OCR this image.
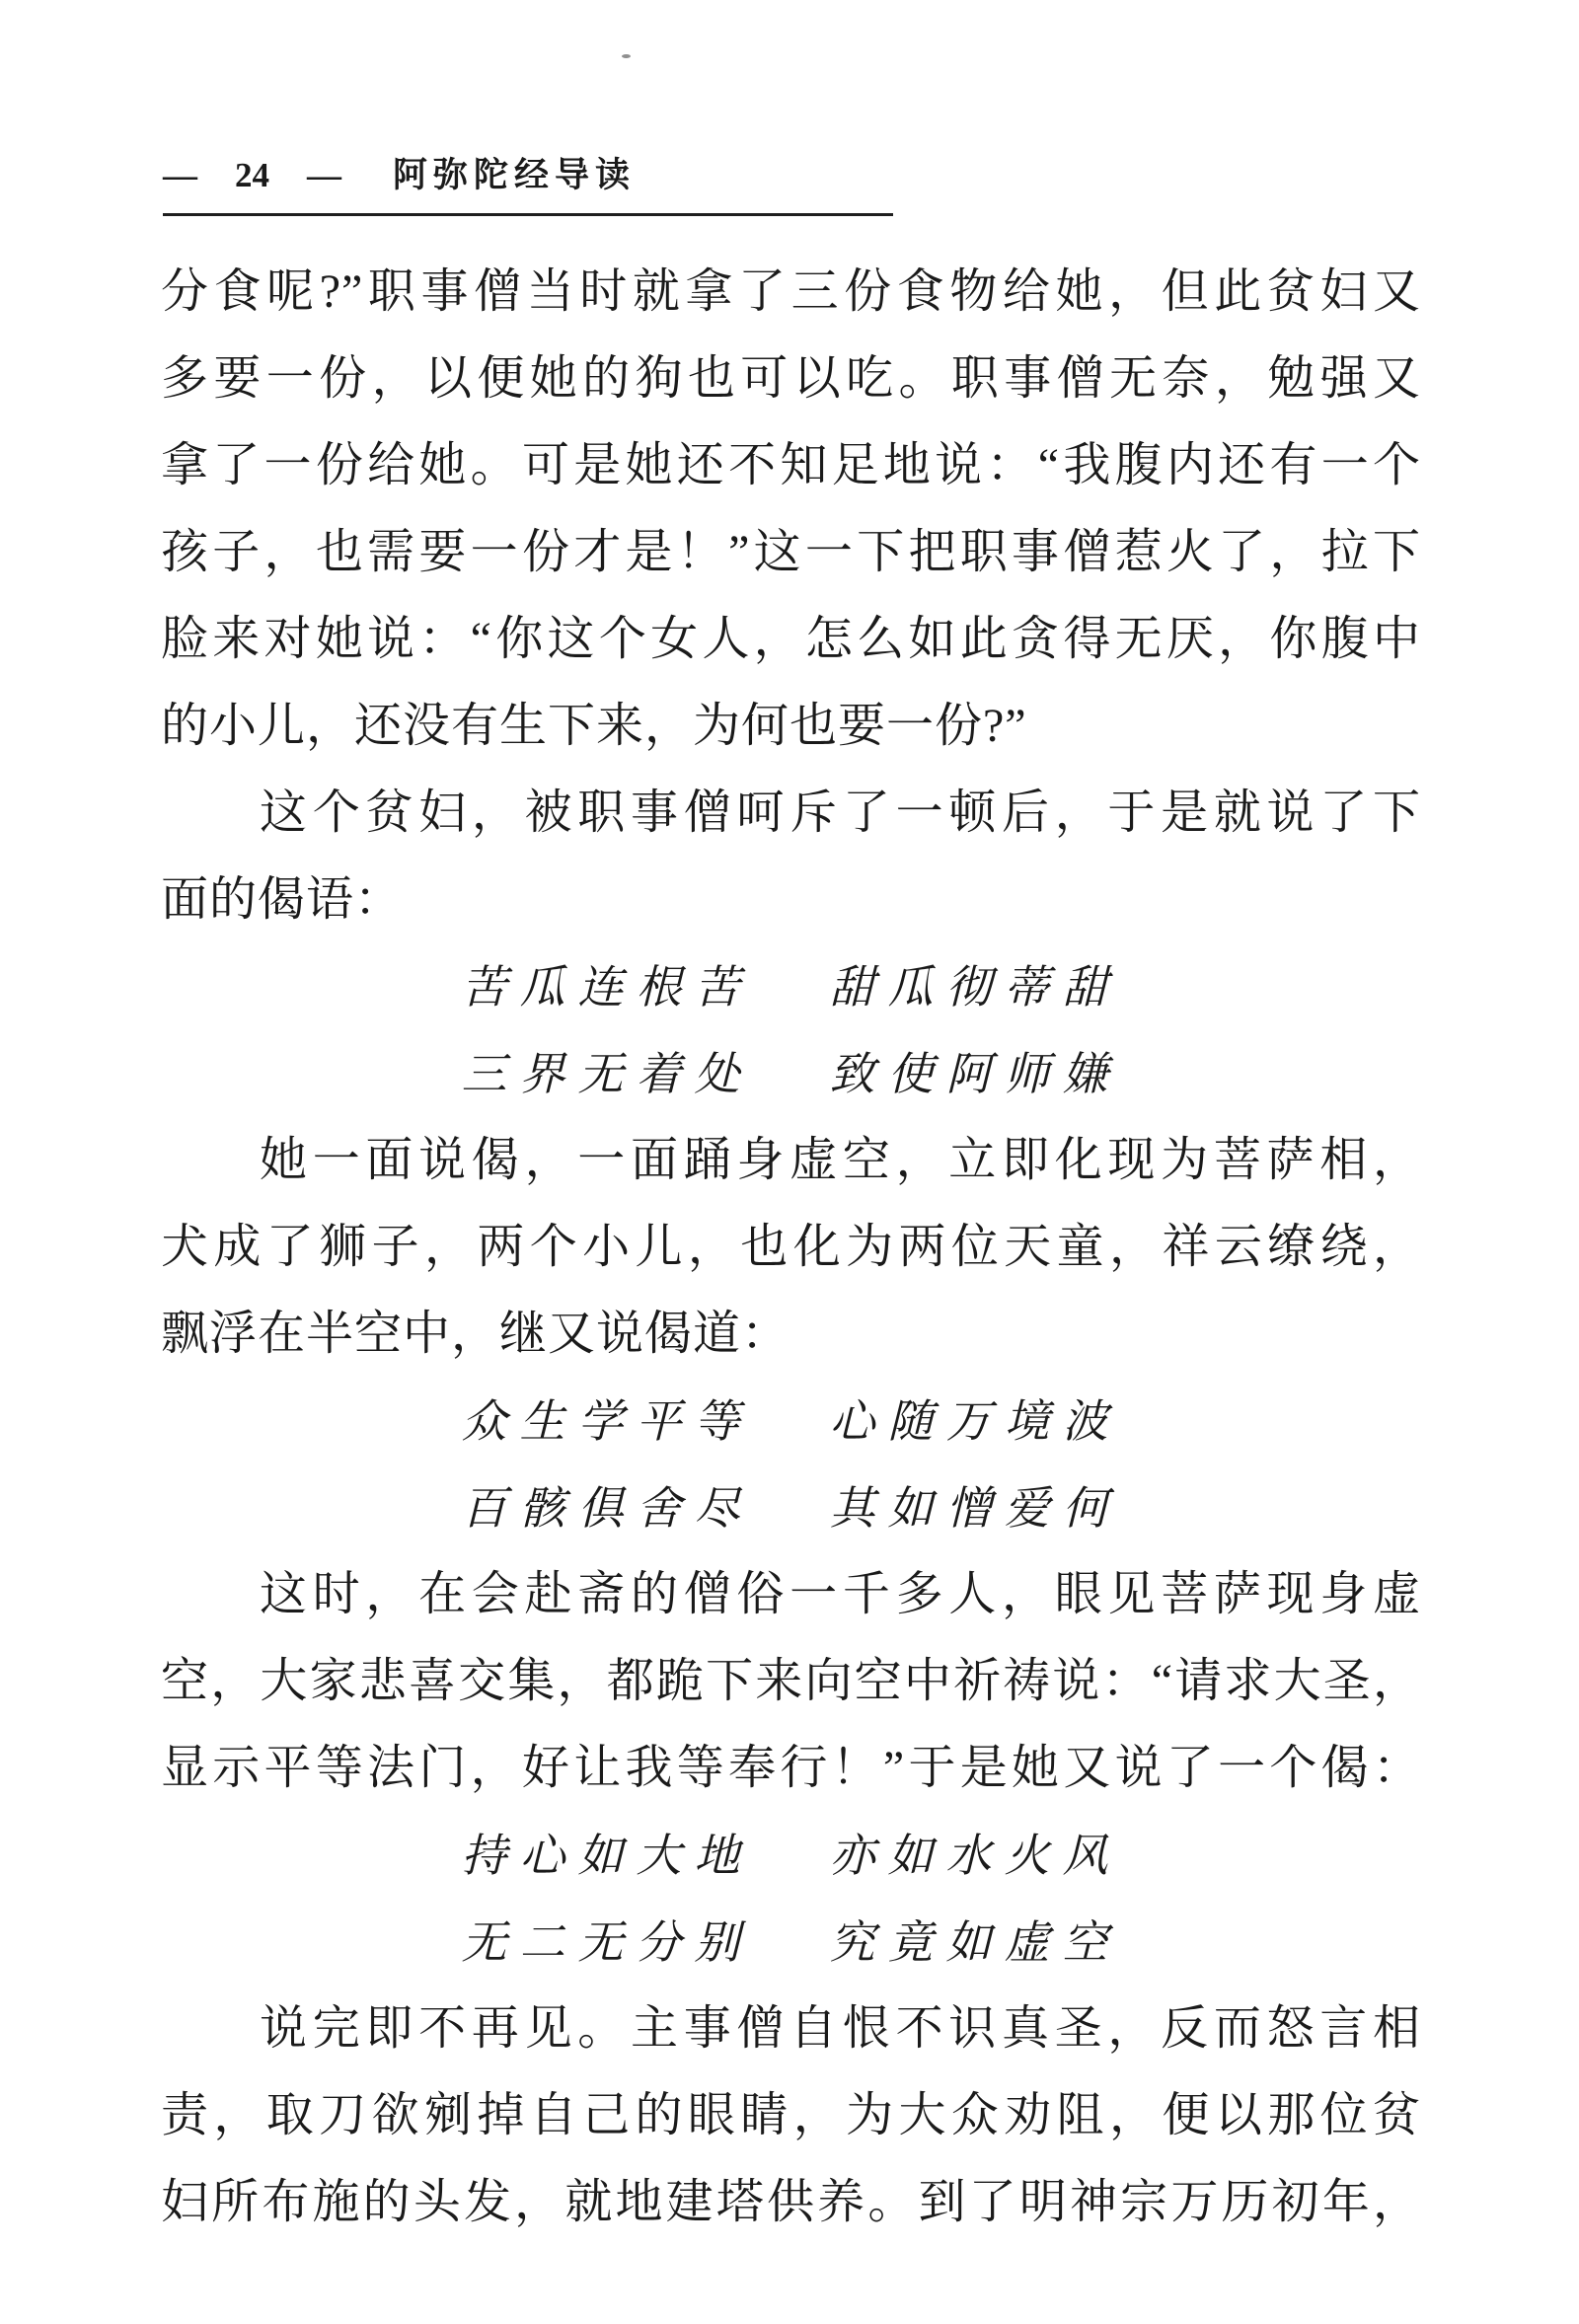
— 24 — 阿弥陀经导读
分食呢?”职事僧当时就拿了三份食物给她，但此贫妇又
多要一份，以便她的狗也可以吃。职事僧无奈，勉强又
拿了一份给她。可是她还不知足地说：“我腹内还有一个
孩子，也需要一份才是！”这一下把职事僧惹火了，拉下
脸来对她说：“你这个女人，怎么如此贪得无厌，你腹中
的小儿，还没有生下来，为何也要一份?”
这个贫妇，被职事僧呵斥了一顿后，于是就说了下
面的偈语：
苦瓜连根苦 甜瓜彻蒂甜
三界无着处 致使阿师嫌
她一面说偈，一面踊身虚空，立即化现为菩萨相，
犬成了狮子，两个小儿，也化为两位天童，祥云缭绕，
飘浮在半空中，继又说偈道：
众生学平等 心随万境波
百骸俱舍尽 其如憎爱何
这时，在会赴斋的僧俗一千多人，眼见菩萨现身虚
空，大家悲喜交集，都跪下来向空中祈祷说：“请求大圣，
显示平等法门，好让我等奉行！”于是她又说了一个偈：
持心如大地 亦如水火风
无二无分别 究竟如虚空
说完即不再见。主事僧自恨不识真圣，反而怒言相
责，取刀欲剜掉自己的眼睛，为大众劝阻，便以那位贫
妇所布施的头发，就地建塔供养。到了明神宗万历初年，
